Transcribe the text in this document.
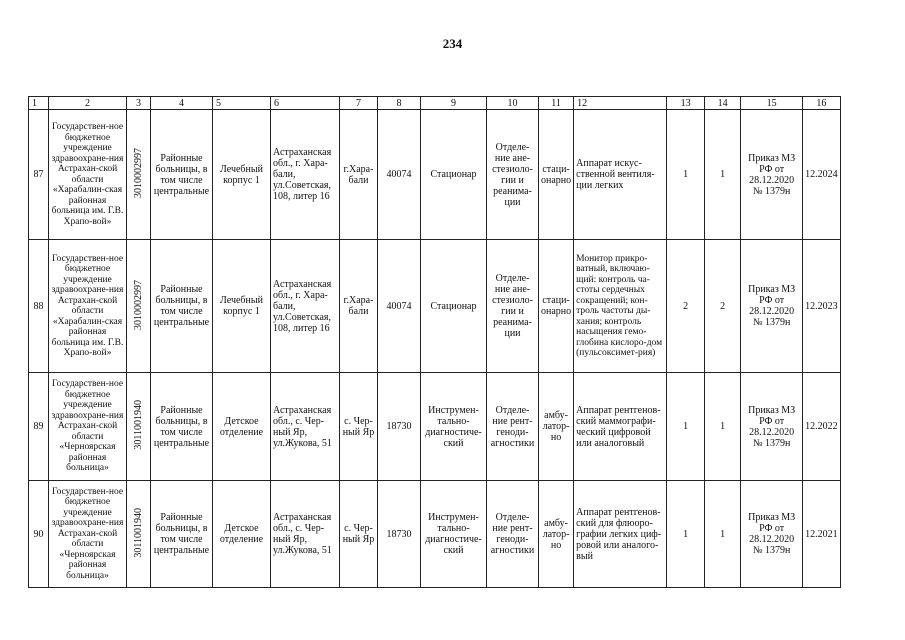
234
1	2	3	4	5	6	7	8	9	10	11	12	13	14	15	16
87	Государствен-ное бюджетное учреждение здравоохране-ния Астрахан-ской области «Харабалин-ская районная больница им. Г.В. Храпо-вой»	3010002997	Районные больницы, в том числе центральные	Лечебный корпус 1	Астраханская обл., г. Хара-бали, ул.Советская, 108, литер 16	г.Хара-бали	40074	Стационар	Отделе-ние ане-стезиоло-гии и реанима-ции	стаци-онарно	Аппарат искус-ственной вентиля-ции легких	1	1	Приказ МЗ РФ от 28.12.2020 № 1379н	12.2024
88	Государствен-ное бюджетное учреждение здравоохране-ния Астрахан-ской области «Харабалин-ская районная больница им. Г.В. Храпо-вой»	3010002997	Районные больницы, в том числе центральные	Лечебный корпус 1	Астраханская обл., г. Хара-бали, ул.Советская, 108, литер 16	г.Хара-бали	40074	Стационар	Отделе-ние ане-стезиоло-гии и реанима-ции	стаци-онарно	Монитор прикро-ватный, включаю-щий: контроль ча-стоты сердечных сокращений; кон-троль частоты ды-хания; контроль насыщения гемо-глобина кислоро-дом (пульсоксимет-рия)	2	2	Приказ МЗ РФ от 28.12.2020 № 1379н	12.2023
89	Государствен-ное бюджетное учреждение здравоохране-ния Астрахан-ской области «Черноярская районная больница»	3011001940	Районные больницы, в том числе центральные	Детское отделение	Астраханская обл., с. Чер-ный Яр, ул.Жукова, 51	с. Чер-ный Яр	18730	Инструмен-тально-диагностиче-ский	Отделе-ние рент-геноди-агностики	амбу-латор-но	Аппарат рентгенов-ский маммографи-ческий цифровой или аналоговый	1	1	Приказ МЗ РФ от 28.12.2020 № 1379н	12.2022
90	Государствен-ное бюджетное учреждение здравоохране-ния Астрахан-ской области «Черноярская районная больница»	3011001940	Районные больницы, в том числе центральные	Детское отделение	Астраханская обл., с. Чер-ный Яр, ул.Жукова, 51	с. Чер-ный Яр	18730	Инструмен-тально-диагностиче-ский	Отделе-ние рент-геноди-агностики	амбу-латор-но	Аппарат рентгенов-ский для флюоро-графии легких циф-ровой или аналого-вый	1	1	Приказ МЗ РФ от 28.12.2020 № 1379н	12.2021
